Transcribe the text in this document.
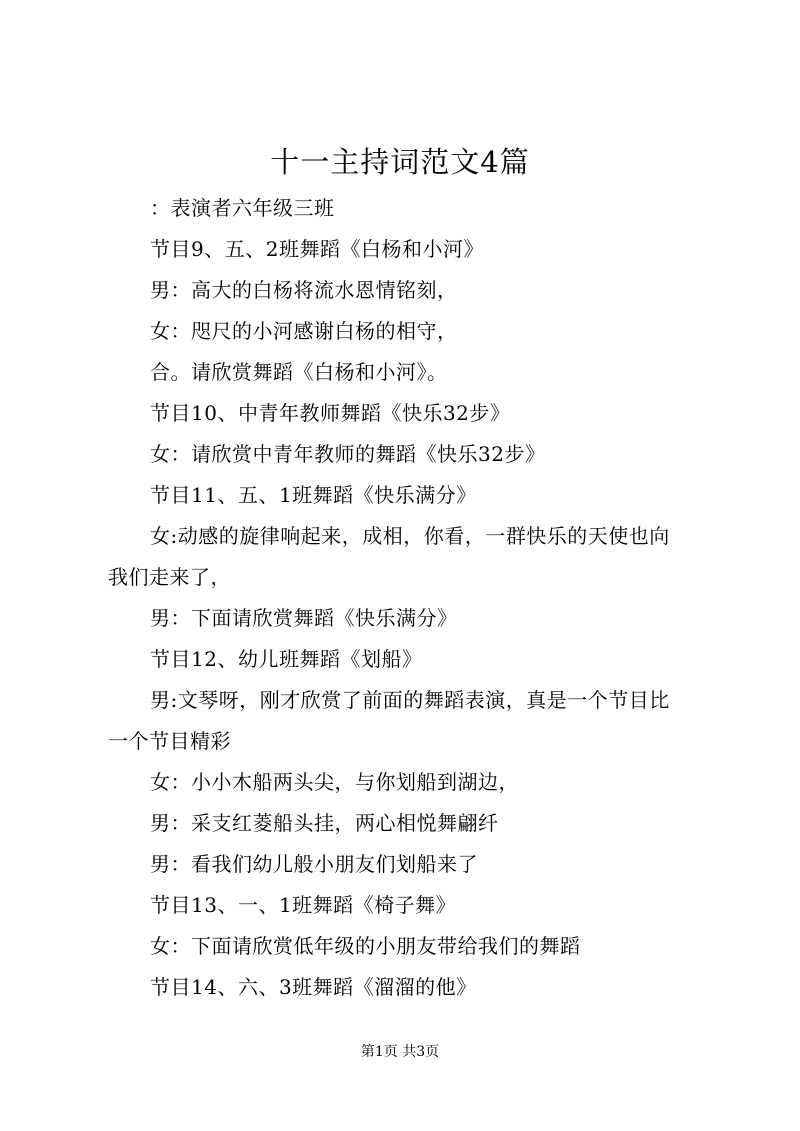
十一主持词范文4篇
：表演者六年级三班
节目9、五、2班舞蹈《白杨和小河》
男：高大的白杨将流水恩情铭刻，
女：咫尺的小河感谢白杨的相守，
合。请欣赏舞蹈《白杨和小河》。
节目10、中青年教师舞蹈《快乐32步》
女：请欣赏中青年教师的舞蹈《快乐32步》
节目11、五、1班舞蹈《快乐满分》
女:动感的旋律响起来，成相，你看，一群快乐的天使也向
我们走来了，
男：下面请欣赏舞蹈《快乐满分》
节目12、幼儿班舞蹈《划船》
男:文琴呀，刚才欣赏了前面的舞蹈表演，真是一个节目比
一个节目精彩
女：小小木船两头尖，与你划船到湖边，
男：采支红菱船头挂，两心相悦舞翩纤
男：看我们幼儿般小朋友们划船来了
节目13、一、1班舞蹈《椅子舞》
女：下面请欣赏低年级的小朋友带给我们的舞蹈
节目14、六、3班舞蹈《溜溜的他》
第1页 共3页
